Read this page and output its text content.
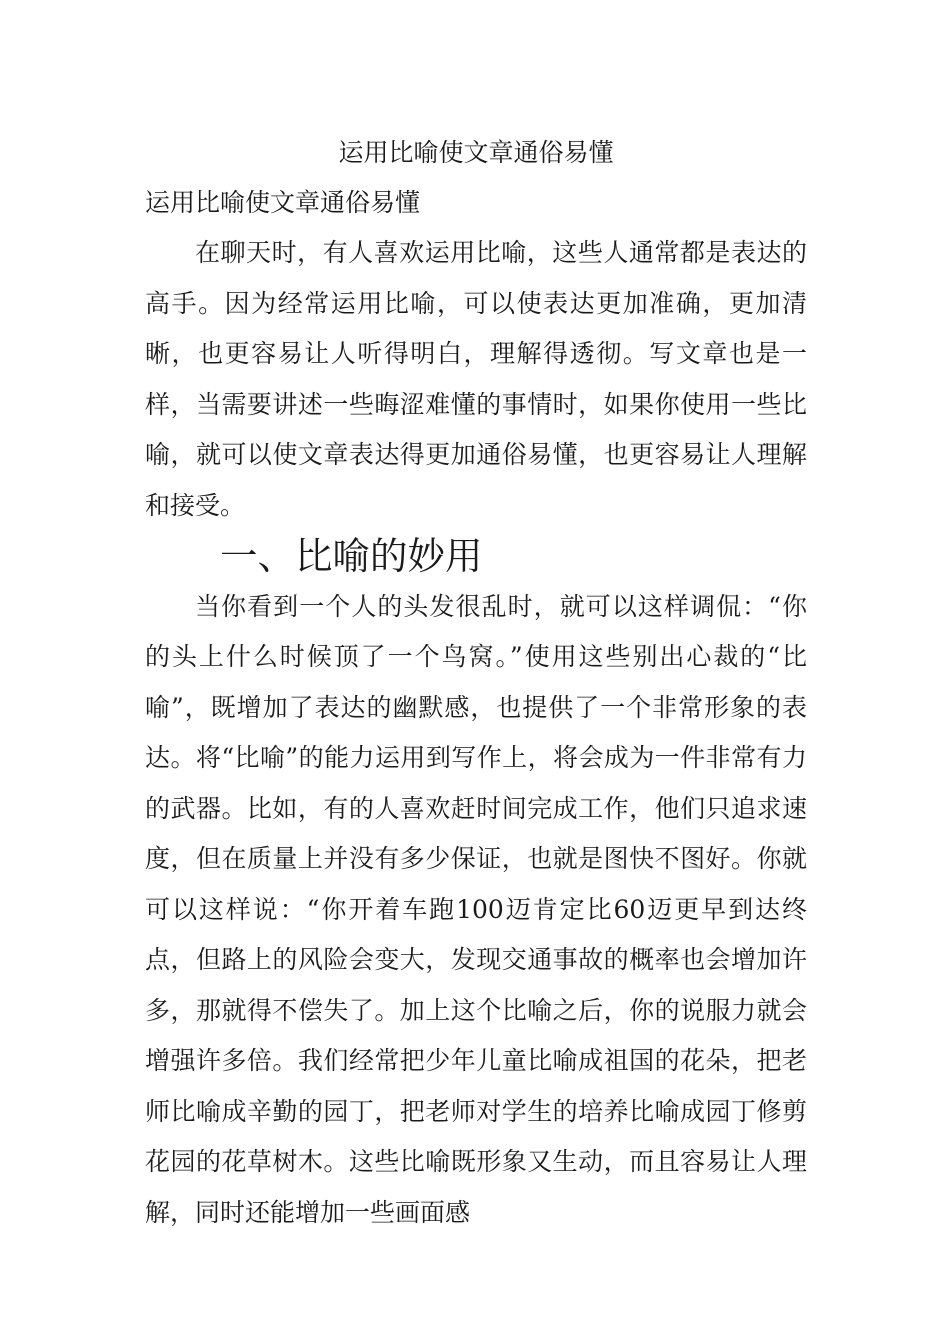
运用比喻使文章通俗易懂

运用比喻使文章通俗易懂

在聊天时，有人喜欢运用比喻，这些人通常都是表达的高手。因为经常运用比喻，可以使表达更加准确，更加清晰，也更容易让人听得明白，理解得透彻。写文章也是一样，当需要讲述一些晦涩难懂的事情时，如果你使用一些比喻，就可以使文章表达得更加通俗易懂，也更容易让人理解和接受。

一、比喻的妙用

当你看到一个人的头发很乱时，就可以这样调侃：“你的头上什么时候顶了一个鸟窝。”使用这些别出心裁的“比喻”，既增加了表达的幽默感，也提供了一个非常形象的表达。将“比喻”的能力运用到写作上，将会成为一件非常有力的武器。比如，有的人喜欢赶时间完成工作，他们只追求速度，但在质量上并没有多少保证，也就是图快不图好。你就可以这样说：“你开着车跑100迈肯定比60迈更早到达终点，但路上的风险会变大，发现交通事故的概率也会增加许多，那就得不偿失了。加上这个比喻之后，你的说服力就会增强许多倍。我们经常把少年儿童比喻成祖国的花朵，把老师比喻成辛勤的园丁，把老师对学生的培养比喻成园丁修剪花园的花草树木。这些比喻既形象又生动，而且容易让人理解，同时还能增加一些画面感
